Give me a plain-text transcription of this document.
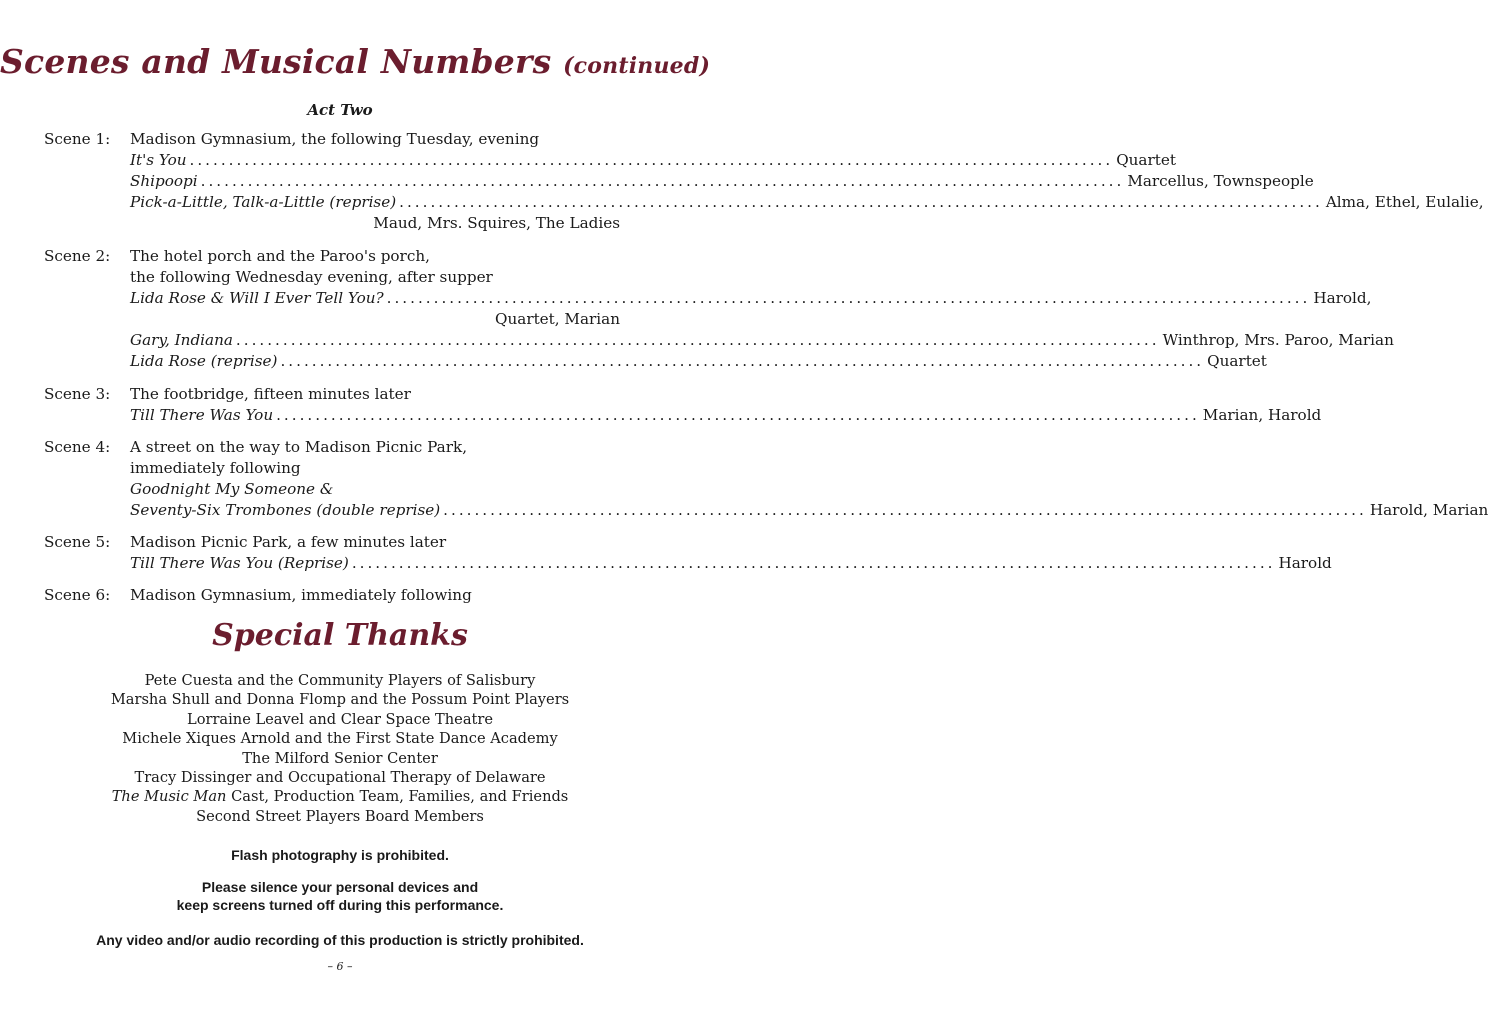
Scenes and Musical Numbers (continued)
Act Two
Scene 1:	Madison Gymnasium, the following Tuesday, evening
It's You .....	Quartet
Shipoopi .....	Marcellus, Townspeople
Pick-a-Little, Talk-a-Little (reprise) .....	Alma, Ethel, Eulalie,
Maud, Mrs. Squires, The Ladies
Scene 2:	The hotel porch and the Paroo's porch,
the following Wednesday evening, after supper
Lida Rose & Will I Ever Tell You? .....	Harold,
Quartet, Marian
Gary, Indiana .....	Winthrop, Mrs. Paroo, Marian
Lida Rose (reprise) .....	Quartet
Scene 3:	The footbridge, fifteen minutes later
Till There Was You .....	Marian, Harold
Scene 4:	A street on the way to Madison Picnic Park,
immediately following
Goodnight My Someone &
Seventy-Six Trombones (double reprise) .....	Harold, Marian
Scene 5:	Madison Picnic Park, a few minutes later
Till There Was You (Reprise) .....	Harold
Scene 6:	Madison Gymnasium, immediately following
Special Thanks
Pete Cuesta and the Community Players of Salisbury
Marsha Shull and Donna Flomp and the Possum Point Players
Lorraine Leavel and Clear Space Theatre
Michele Xiques Arnold and the First State Dance Academy
The Milford Senior Center
Tracy Dissinger and Occupational Therapy of Delaware
The Music Man Cast, Production Team, Families, and Friends
Second Street Players Board Members
Flash photography is prohibited.
Please silence your personal devices and
keep screens turned off during this performance.
Any video and/or audio recording of this production is strictly prohibited.
– 6 –
